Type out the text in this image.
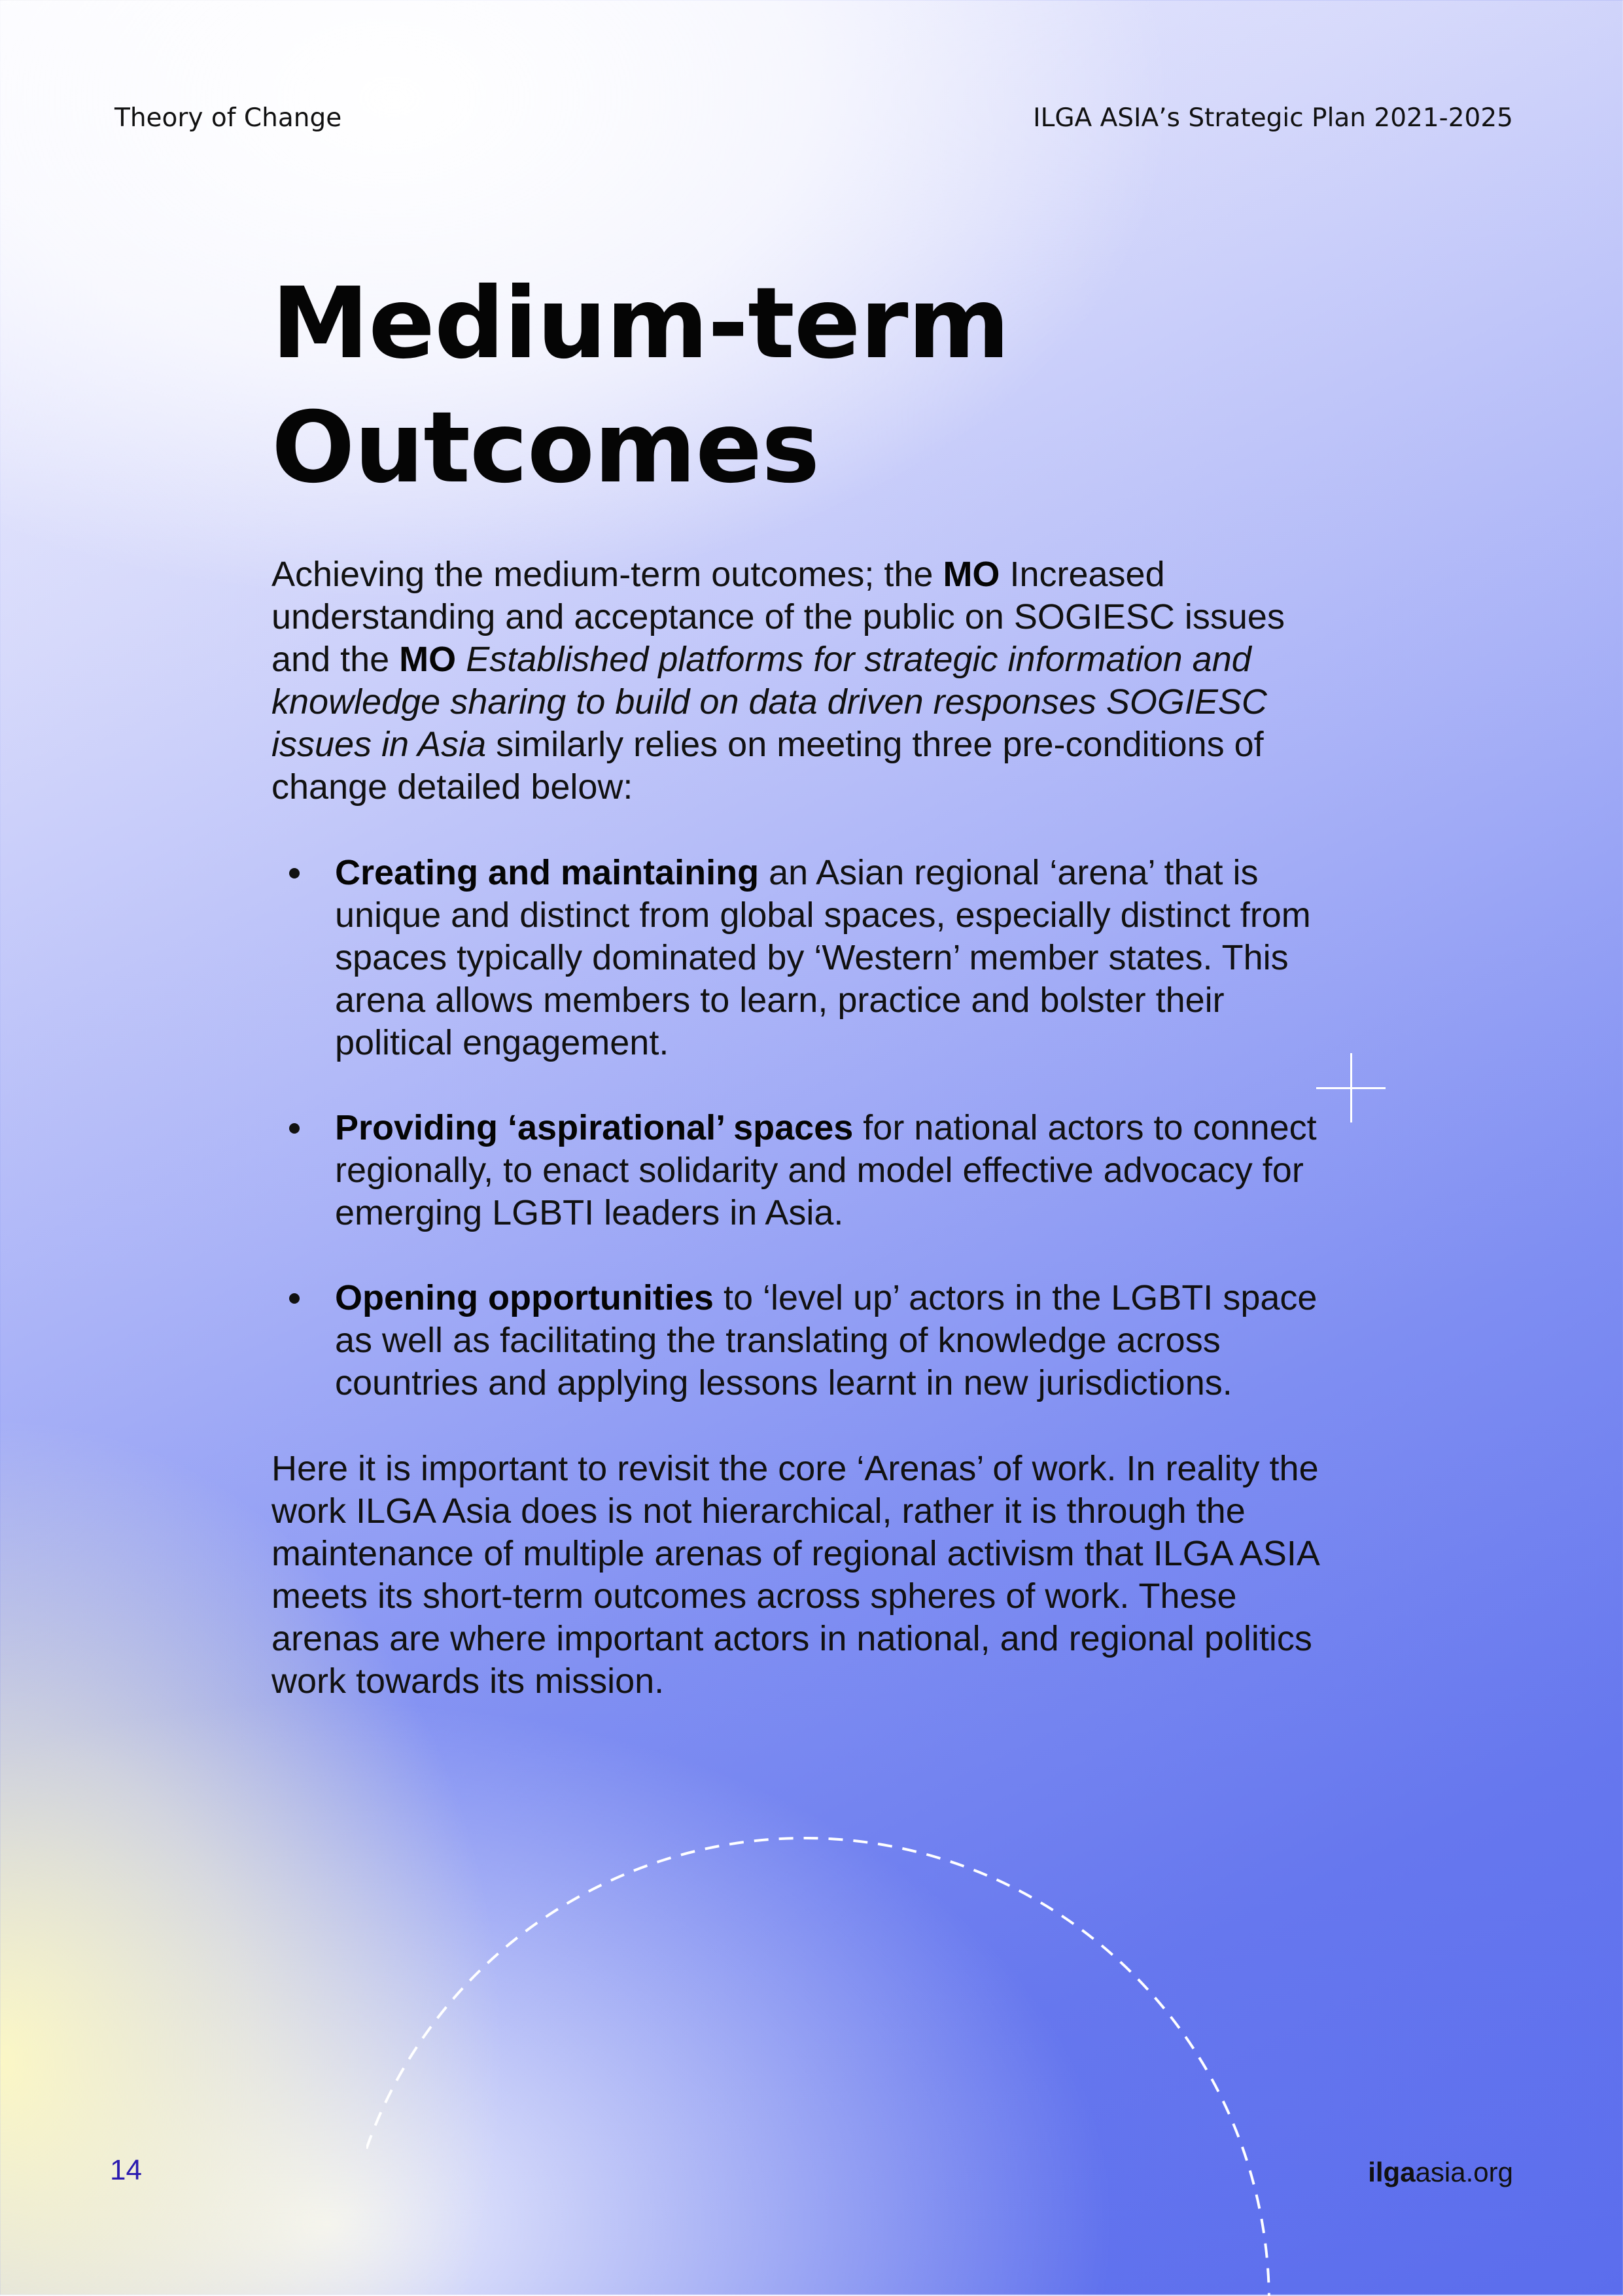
Theory of Change	ILGA ASIA’s Strategic Plan 2021-2025
Medium-term
Outcomes

Achieving the medium-term outcomes; the MO Increased understanding and acceptance of the public on SOGIESC issues and the MO Established platforms for strategic information and knowledge sharing to build on data driven responses SOGIESC issues in Asia similarly relies on meeting three pre-conditions of change detailed below:

Creating and maintaining an Asian regional ‘arena’ that is unique and distinct from global spaces, especially distinct from spaces typically dominated by ‘Western’ member states. This arena allows members to learn, practice and bolster their political engagement.
Providing ‘aspirational’ spaces for national actors to connect regionally, to enact solidarity and model effective advocacy for emerging LGBTI leaders in Asia.
Opening opportunities to ‘level up’ actors in the LGBTI space as well as facilitating the translating of knowledge across countries and applying lessons learnt in new jurisdictions.

Here it is important to revisit the core ‘Arenas’ of work. In reality the work ILGA Asia does is not hierarchical, rather it is through the maintenance of multiple arenas of regional activism that ILGA ASIA meets its short-term outcomes across spheres of work. These arenas are where important actors in national, and regional politics work towards its mission.

14	ilgaasia.org
